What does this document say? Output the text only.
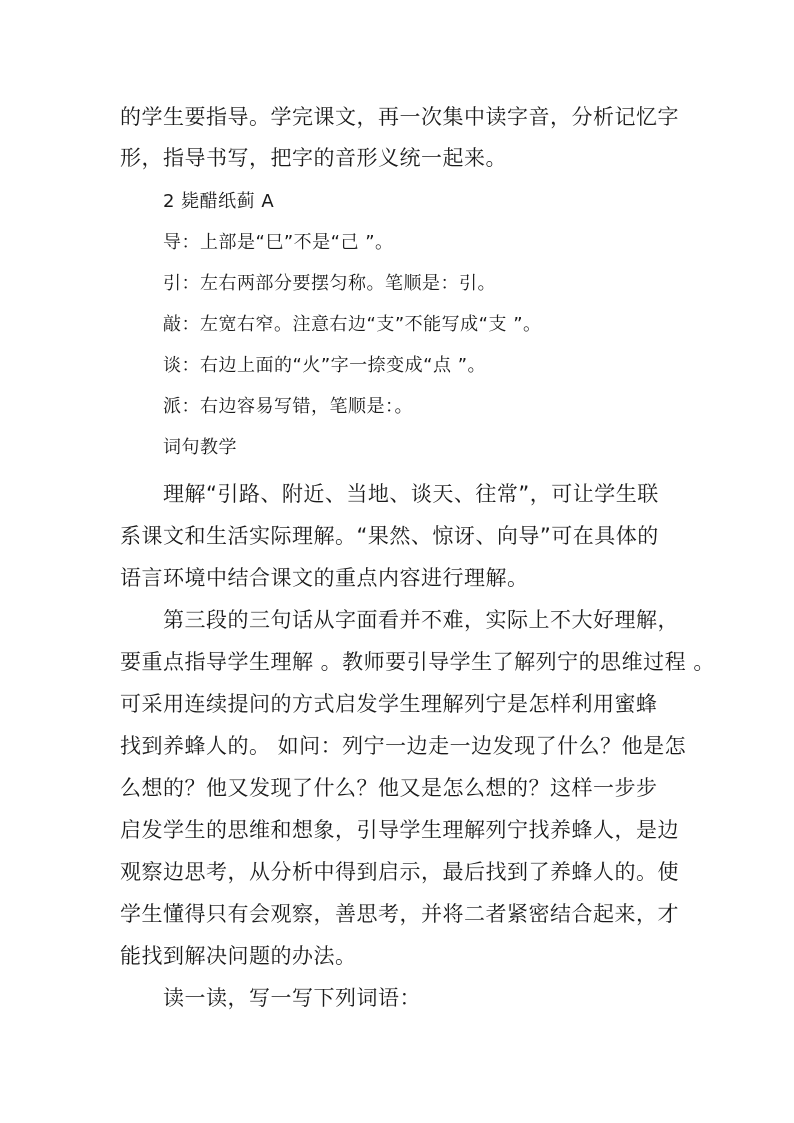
的学生要指导。学完课文，再一次集中读字音，分析记忆字
形，指导书写，把字的音形义统一起来。
2 毙醋纸蓟 A
导：上部是“巳”不是“己 ”。
引：左右两部分要摆匀称。笔顺是：引。
敲：左宽右窄。注意右边“支”不能写成“支 ”。
谈：右边上面的“火”字一捺变成“点 ”。
派：右边容易写错，笔顺是：。
词句教学
理解“引路、附近、当地、谈天、往常”，可让学生联
系课文和生活实际理解。“果然、惊讶、向导”可在具体的
语言环境中结合课文的重点内容进行理解。
第三段的三句话从字面看并不难，实际上不大好理解，
要重点指导学生理解 。教师要引导学生了解列宁的思维过程 。
可采用连续提问的方式启发学生理解列宁是怎样利用蜜蜂
找到养蜂人的。 如问：列宁一边走一边发现了什么？他是怎
么想的？他又发现了什么？他又是怎么想的？这样一步步
启发学生的思维和想象，引导学生理解列宁找养蜂人，是边
观察边思考，从分析中得到启示，最后找到了养蜂人的。使
学生懂得只有会观察，善思考，并将二者紧密结合起来，才
能找到解决问题的办法。
读一读，写一写下列词语：
